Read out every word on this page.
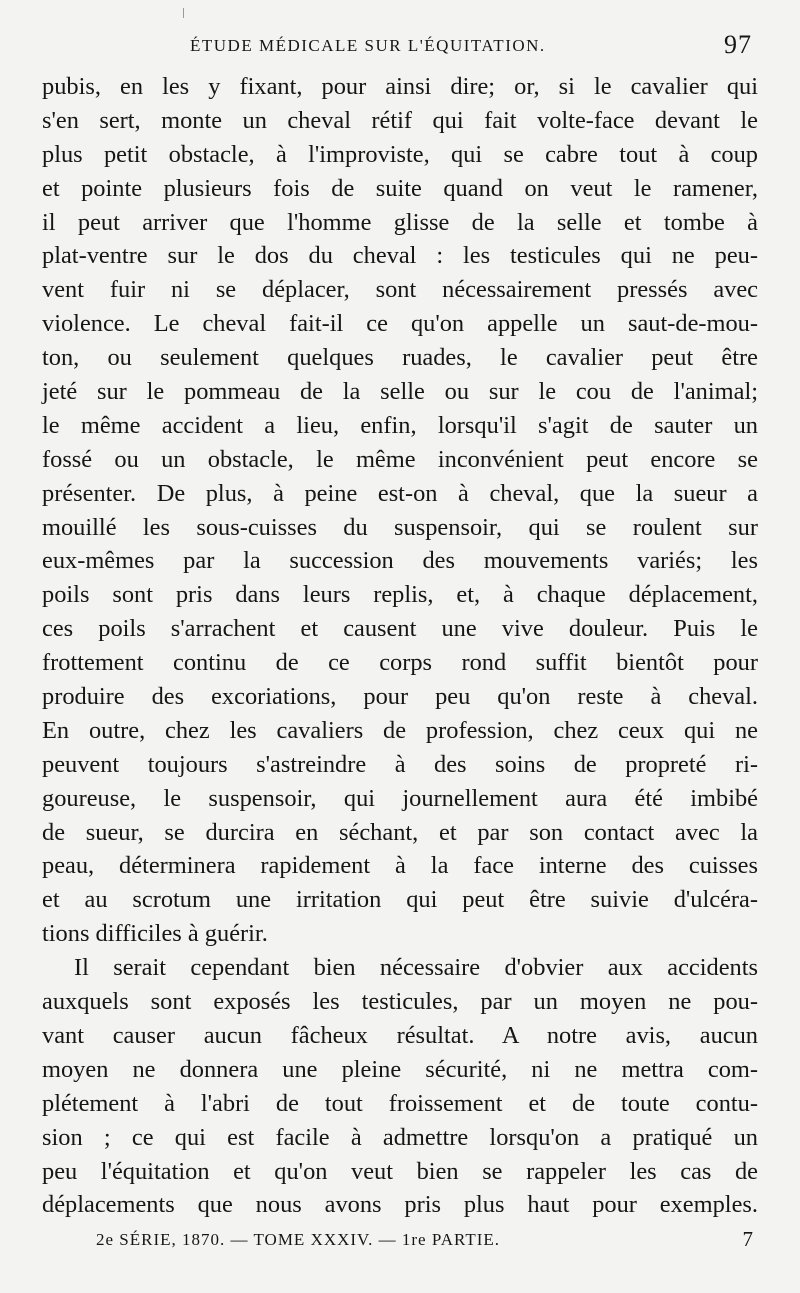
ÉTUDE MÉDICALE SUR L'ÉQUITATION.	97
pubis, en les y fixant, pour ainsi dire; or, si le cavalier qui
s'en sert, monte un cheval rétif qui fait volte-face devant le
plus petit obstacle, à l'improviste, qui se cabre tout à coup
et pointe plusieurs fois de suite quand on veut le ramener,
il peut arriver que l'homme glisse de la selle et tombe à
plat-ventre sur le dos du cheval : les testicules qui ne peu-
vent fuir ni se déplacer, sont nécessairement pressés avec
violence. Le cheval fait-il ce qu'on appelle un saut-de-mou-
ton, ou seulement quelques ruades, le cavalier peut être
jeté sur le pommeau de la selle ou sur le cou de l'animal;
le même accident a lieu, enfin, lorsqu'il s'agit de sauter un
fossé ou un obstacle, le même inconvénient peut encore se
présenter. De plus, à peine est-on à cheval, que la sueur a
mouillé les sous-cuisses du suspensoir, qui se roulent sur
eux-mêmes par la succession des mouvements variés; les
poils sont pris dans leurs replis, et, à chaque déplacement,
ces poils s'arrachent et causent une vive douleur. Puis le
frottement continu de ce corps rond suffit bientôt pour
produire des excoriations, pour peu qu'on reste à cheval.
En outre, chez les cavaliers de profession, chez ceux qui ne
peuvent toujours s'astreindre à des soins de propreté ri-
goureuse, le suspensoir, qui journellement aura été imbibé
de sueur, se durcira en séchant, et par son contact avec la
peau, déterminera rapidement à la face interne des cuisses
et au scrotum une irritation qui peut être suivie d'ulcéra-
tions difficiles à guérir.
Il serait cependant bien nécessaire d'obvier aux accidents
auxquels sont exposés les testicules, par un moyen ne pou-
vant causer aucun fâcheux résultat. A notre avis, aucun
moyen ne donnera une pleine sécurité, ni ne mettra com-
plétement à l'abri de tout froissement et de toute contu-
sion ; ce qui est facile à admettre lorsqu'on a pratiqué un
peu l'équitation et qu'on veut bien se rappeler les cas de
déplacements que nous avons pris plus haut pour exemples.
2e SÉRIE, 1870. — TOME XXXIV. — 1re PARTIE.	7
